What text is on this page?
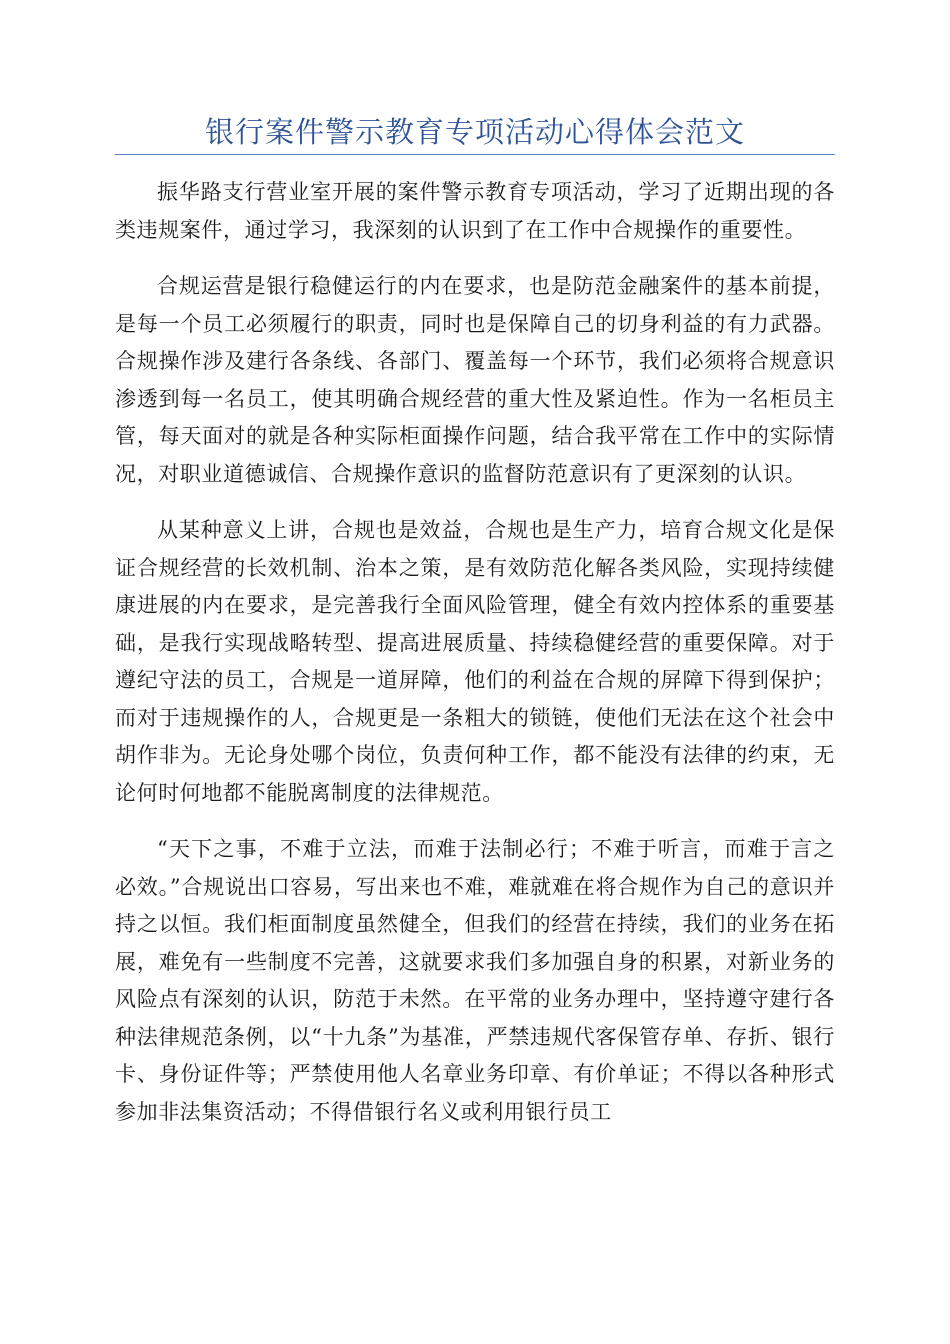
银行案件警示教育专项活动心得体会范文

振华路支行营业室开展的案件警示教育专项活动，学习了近期出现的各类违规案件，通过学习，我深刻的认识到了在工作中合规操作的重要性。

合规运营是银行稳健运行的内在要求，也是防范金融案件的基本前提，是每一个员工必须履行的职责，同时也是保障自己的切身利益的有力武器。合规操作涉及建行各条线、各部门、覆盖每一个环节，我们必须将合规意识渗透到每一名员工，使其明确合规经营的重大性及紧迫性。作为一名柜员主管，每天面对的就是各种实际柜面操作问题，结合我平常在工作中的实际情况，对职业道德诚信、合规操作意识的监督防范意识有了更深刻的认识。

从某种意义上讲，合规也是效益，合规也是生产力，培育合规文化是保证合规经营的长效机制、治本之策，是有效防范化解各类风险，实现持续健康进展的内在要求，是完善我行全面风险管理，健全有效内控体系的重要基础，是我行实现战略转型、提高进展质量、持续稳健经营的重要保障。对于遵纪守法的员工，合规是一道屏障，他们的利益在合规的屏障下得到保护；而对于违规操作的人，合规更是一条粗大的锁链，使他们无法在这个社会中胡作非为。无论身处哪个岗位，负责何种工作，都不能没有法律的约束，无论何时何地都不能脱离制度的法律规范。

“天下之事，不难于立法，而难于法制必行；不难于听言，而难于言之必效。”合规说出口容易，写出来也不难，难就难在将合规作为自己的意识并持之以恒。我们柜面制度虽然健全，但我们的经营在持续，我们的业务在拓展，难免有一些制度不完善，这就要求我们多加强自身的积累，对新业务的风险点有深刻的认识，防范于未然。在平常的业务办理中，坚持遵守建行各种法律规范条例，以“十九条”为基准，严禁违规代客保管存单、存折、银行卡、身份证件等；严禁使用他人名章业务印章、有价单证；不得以各种形式参加非法集资活动；不得借银行名义或利用银行员工
